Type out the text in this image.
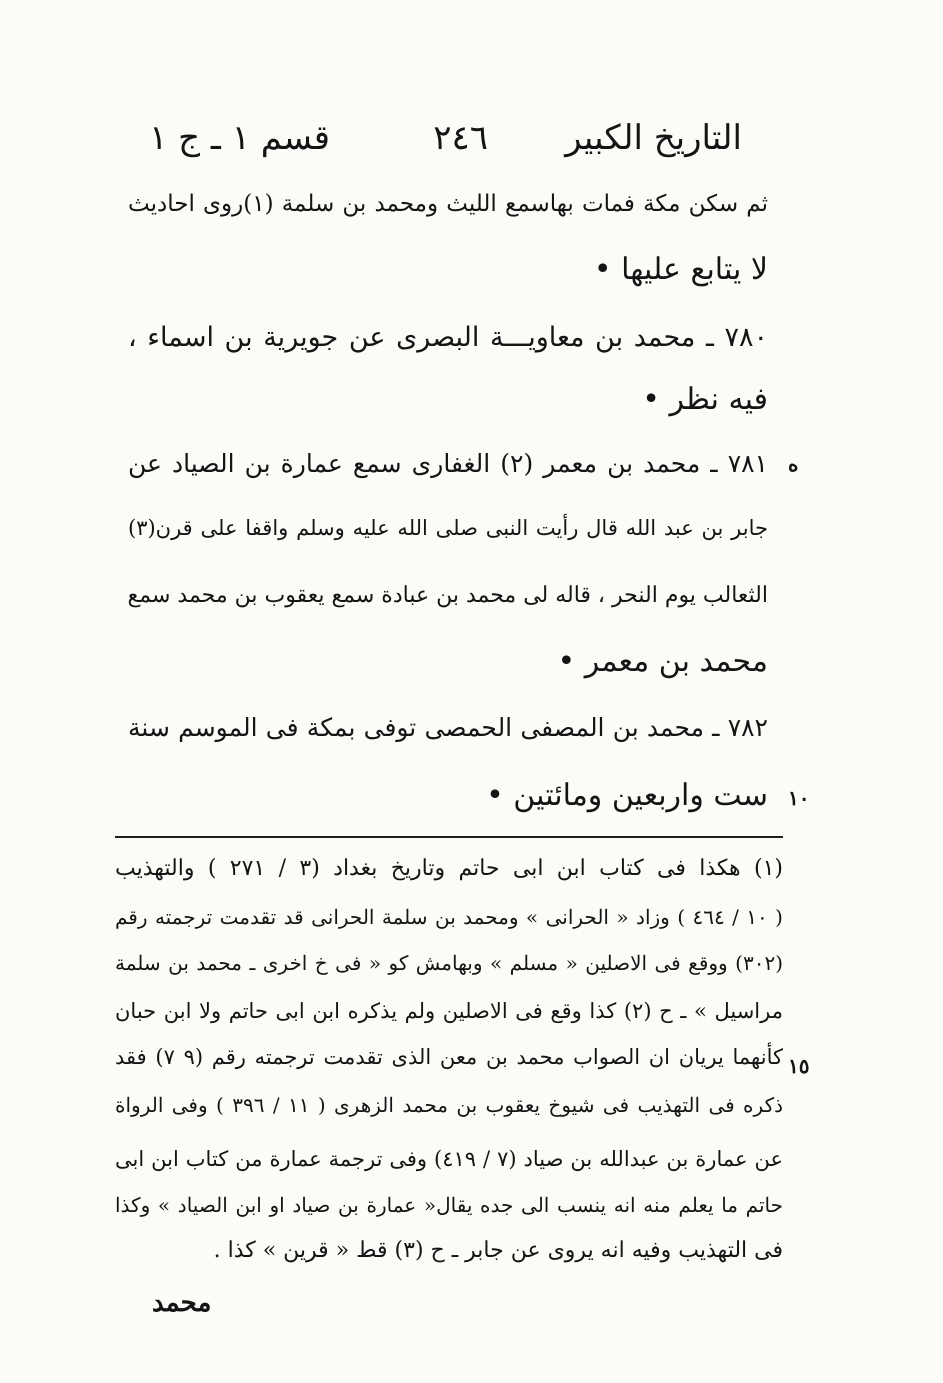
التاريخ الكبير
٢٤٦
قسم ١ ـ ج ١
ثم سكن مكة فمات بهاسمع الليث ومحمد بن سلمة (١)روى احاديث
لا يتابع عليها •
٧٨٠ ـ محمد بن معاويـــة البصرى عن جويرية بن اسماء ،
فيه نظر •
٧٨١ ـ محمد بن معمر (٢) الغفارى سمع عمارة بن الصياد عن
جابر بن عبد الله قال رأيت النبى صلى الله عليه وسلم واقفا على قرن(٣)
الثعالب يوم النحر ، قاله لى محمد بن عبادة سمع يعقوب بن محمد سمع
محمد بن معمر •
٧٨٢ ـ محمد بن المصفى الحمصى توفى بمكة فى الموسم سنة
ست واربعين ومائتين •
ه
١٠
(١) هكذا فى كتاب ابن ابى حاتم وتاريخ بغداد (٣ / ٢٧١ ) والتهذيب
( ١٠ / ٤٦٤ ) وزاد « الحرانى » ومحمد بن سلمة الحرانى قد تقدمت ترجمته رقم
(٣٠٢) ووقع فى الاصلين « مسلم » وبهامش كو « فى خ اخرى ـ محمد بن سلمة
مراسيل » ـ ح (٢) كذا وقع فى الاصلين ولم يذكره ابن ابى حاتم ولا ابن حبان
كأنهما يريان ان الصواب محمد بن معن الذى تقدمت ترجمته رقم (٩ ٧) فقد
ذكره فى التهذيب فى شيوخ يعقوب بن محمد الزهرى ( ١١ / ٣٩٦ ) وفى الرواة
عن عمارة بن عبدالله بن صياد (٧ / ٤١٩) وفى ترجمة عمارة من كتاب ابن ابى
حاتم ما يعلم منه انه ينسب الى جده يقال« عمارة بن صياد او ابن الصياد » وكذا
فى التهذيب وفيه انه يروى عن جابر ـ ح (٣) قط « قرين » كذا .
١٥
محمد
